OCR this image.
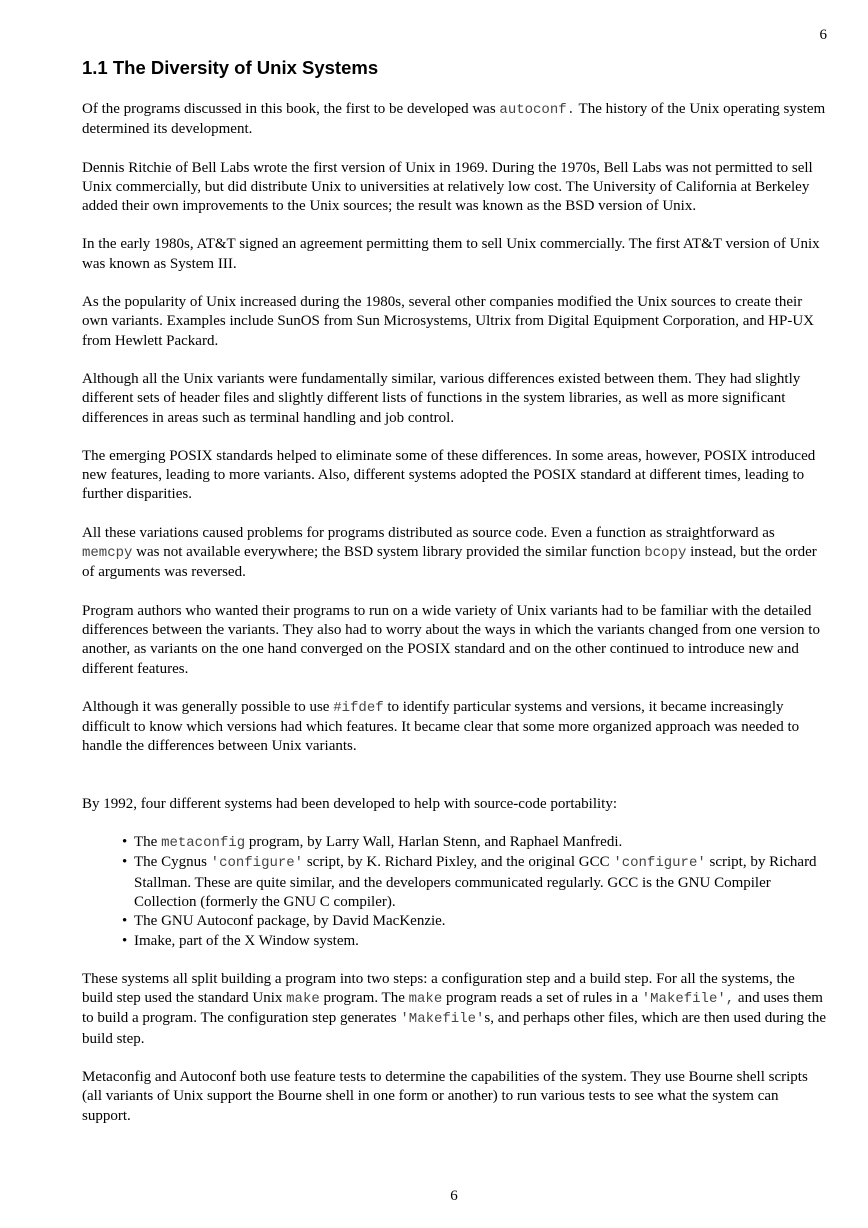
6
1.1 The Diversity of Unix Systems

Of the programs discussed in this book, the first to be developed was autoconf. The history of the Unix operating system determined its development.

Dennis Ritchie of Bell Labs wrote the first version of Unix in 1969. During the 1970s, Bell Labs was not permitted to sell Unix commercially, but did distribute Unix to universities at relatively low cost. The University of California at Berkeley added their own improvements to the Unix sources; the result was known as the BSD version of Unix.

In the early 1980s, AT&T signed an agreement permitting them to sell Unix commercially. The first AT&T version of Unix was known as System III.

As the popularity of Unix increased during the 1980s, several other companies modified the Unix sources to create their own variants. Examples include SunOS from Sun Microsystems, Ultrix from Digital Equipment Corporation, and HP-UX from Hewlett Packard.

Although all the Unix variants were fundamentally similar, various differences existed between them. They had slightly different sets of header files and slightly different lists of functions in the system libraries, as well as more significant differences in areas such as terminal handling and job control.

The emerging POSIX standards helped to eliminate some of these differences. In some areas, however, POSIX introduced new features, leading to more variants. Also, different systems adopted the POSIX standard at different times, leading to further disparities.

All these variations caused problems for programs distributed as source code. Even a function as straightforward as memcpy was not available everywhere; the BSD system library provided the similar function bcopy instead, but the order of arguments was reversed.

Program authors who wanted their programs to run on a wide variety of Unix variants had to be familiar with the detailed differences between the variants. They also had to worry about the ways in which the variants changed from one version to another, as variants on the one hand converged on the POSIX standard and on the other continued to introduce new and different features.

Although it was generally possible to use #ifdef to identify particular systems and versions, it became increasingly difficult to know which versions had which features. It became clear that some more organized approach was needed to handle the differences between Unix variants.

By 1992, four different systems had been developed to help with source-code portability:

• The metaconfig program, by Larry Wall, Harlan Stenn, and Raphael Manfredi.
• The Cygnus 'configure' script, by K. Richard Pixley, and the original GCC 'configure' script, by Richard Stallman. These are quite similar, and the developers communicated regularly. GCC is the GNU Compiler Collection (formerly the GNU C compiler).
• The GNU Autoconf package, by David MacKenzie.
• Imake, part of the X Window system.

These systems all split building a program into two steps: a configuration step and a build step. For all the systems, the build step used the standard Unix make program. The make program reads a set of rules in a 'Makefile', and uses them to build a program. The configuration step generates 'Makefile's, and perhaps other files, which are then used during the build step.

Metaconfig and Autoconf both use feature tests to determine the capabilities of the system. They use Bourne shell scripts (all variants of Unix support the Bourne shell in one form or another) to run various tests to see what the system can support.

6
